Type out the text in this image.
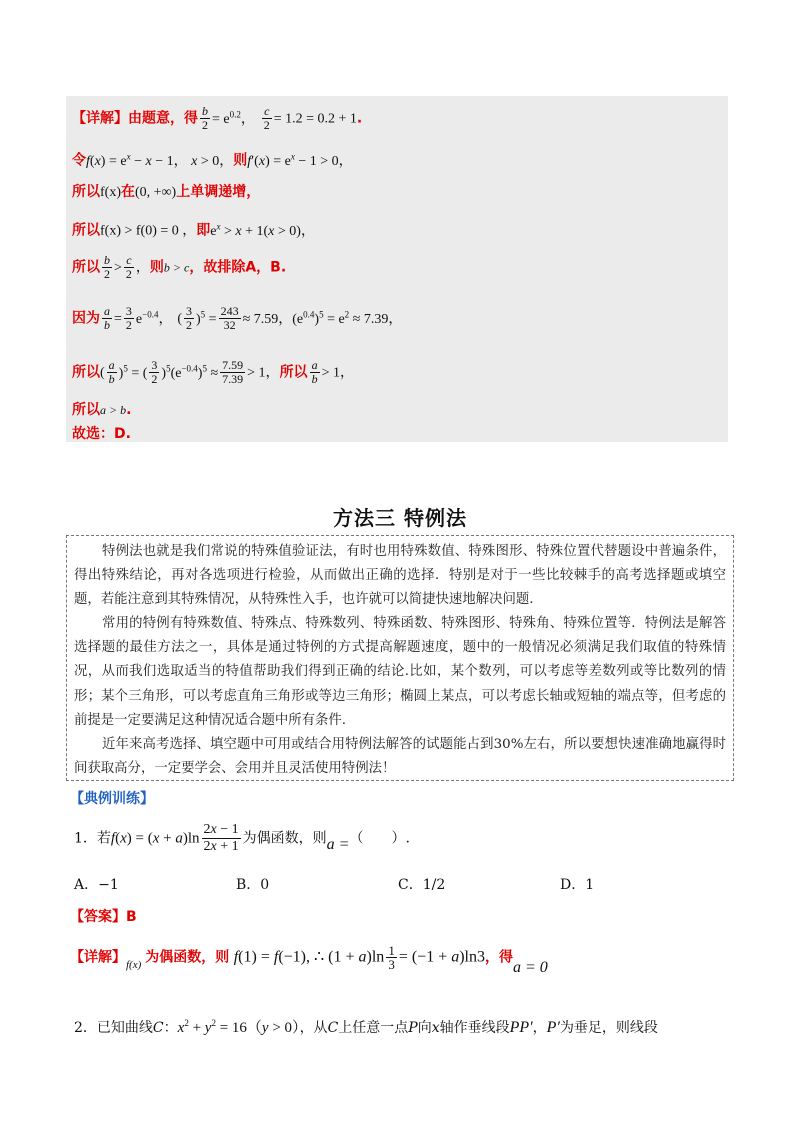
【详解】由题意，得 $\frac{b}{2} = e^{0.2}$， $\frac{c}{2} = 1.2 = 0.2 + 1$.
令$f(x) = e^x - x - 1$， x > 0，则$f'(x) = e^x - 1 > 0$，
所以f(x)在(0, +∞)上单调递增，
所以f(x) > f(0) = 0 ，即$e^x > x + 1(x > 0)$，
所以 $\frac{b}{2} > \frac{c}{2}$ ，则b > c，故排除A，B.
因为 $\frac{a}{b} = \frac{3}{2} e^{-0.4}$， ( $\frac{3}{2} )^5 = \frac{243}{32} \approx 7.59$，$(e^{0.4})^5 = e^2 \approx 7.39$，
所以( $\frac{a}{b} )^5$ = ( $\frac{3}{2} )^5(e^{-0.4})^5 \approx \frac{7.59}{7.39} > 1$，所以 $\frac{a}{b} > 1$，
所以a > b.
故选：D.
方法三 特例法
特例法也就是我们常说的特殊值验证法，有时也用特殊数值、特殊图形、特殊位置代替题设中普遍条件，得出特殊结论，再对各选项进行检验，从而做出正确的选择．特别是对于一些比较棘手的高考选择题或填空题，若能注意到其特殊情况，从特殊性入手，也许就可以简捷快速地解决问题.
常用的特例有特殊数值、特殊点、特殊数列、特殊函数、特殊图形、特殊角、特殊位置等．特例法是解答选择题的最佳方法之一，具体是通过特例的方式提高解题速度，题中的一般情况必须满足我们取值的特殊情况，从而我们选取适当的特值帮助我们得到正确的结论.比如，某个数列，可以考虑等差数列或等比数列的情形；某个三角形，可以考虑直角三角形或等边三角形；椭圆上某点，可以考虑长轴或短轴的端点等，但考虑的前提是一定要满足这种情况适合题中所有条件.
近年来高考选择、填空题中可用或结合用特例法解答的试题能占到30%左右，所以要想快速准确地赢得时间获取高分，一定要学会、会用并且灵活使用特例法！
【典例训练】
1．若$f(x) = (x + a)\ln \frac{2x - 1}{2x + 1}$ 为偶函数，则a =（　　）.
A．−1	B．0	C．1/2	D．1
【答案】B
【详解】$_{f(x)}$ 为偶函数，则 f(1) = f(−1), ∴ $(1 + a)\ln \frac{1}{3} = (-1 + a)\ln 3$，得a = 0
2．已知曲线C：$x^2 + y^2 = 16(y > 0)$，从C上任意一点P向x轴作垂线段PP′，P′为垂足，则线段
